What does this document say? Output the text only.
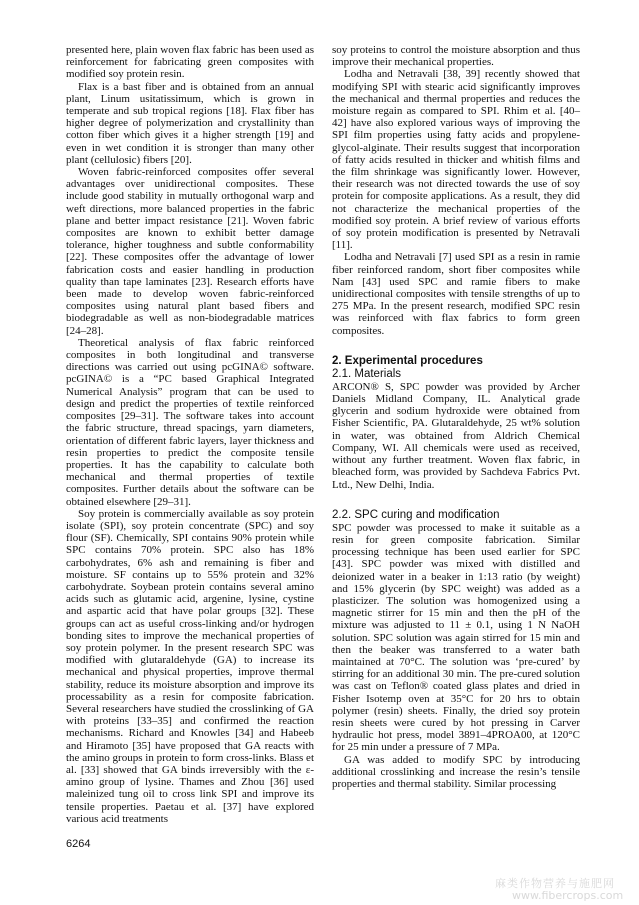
presented here, plain woven flax fabric has been used as reinforcement for fabricating green composites with modified soy protein resin.

Flax is a bast fiber and is obtained from an annual plant, Linum usitatissimum, which is grown in temperate and sub tropical regions [18]. Flax fiber has higher degree of polymerization and crystallinity than cotton fiber which gives it a higher strength [19] and even in wet condition it is stronger than many other plant (cellulosic) fibers [20].

Woven fabric-reinforced composites offer several advantages over unidirectional composites. These include good stability in mutually orthogonal warp and weft directions, more balanced properties in the fabric plane and better impact resistance [21]. Woven fabric composites are known to exhibit better damage tolerance, higher toughness and subtle conformability [22]. These composites offer the advantage of lower fabrication costs and easier handling in production quality than tape laminates [23]. Research efforts have been made to develop woven fabric-reinforced composites using natural plant based fibers and biodegradable as well as non-biodegradable matrices [24–28].

Theoretical analysis of flax fabric reinforced composites in both longitudinal and transverse directions was carried out using pcGINA© software. pcGINA© is a “PC based Graphical Integrated Numerical Analysis” program that can be used to design and predict the properties of textile reinforced composites [29–31]. The software takes into account the fabric structure, thread spacings, yarn diameters, orientation of different fabric layers, layer thickness and resin properties to predict the composite tensile properties. It has the capability to calculate both mechanical and thermal properties of textile composites. Further details about the software can be obtained elsewhere [29–31].

Soy protein is commercially available as soy protein isolate (SPI), soy protein concentrate (SPC) and soy flour (SF). Chemically, SPI contains 90% protein while SPC contains 70% protein. SPC also has 18% carbohydrates, 6% ash and remaining is fiber and moisture. SF contains up to 55% protein and 32% carbohydrate. Soybean protein contains several amino acids such as glutamic acid, argenine, lysine, cystine and aspartic acid that have polar groups [32]. These groups can act as useful cross-linking and/or hydrogen bonding sites to improve the mechanical properties of soy protein polymer. In the present research SPC was modified with glutaraldehyde (GA) to increase its mechanical and physical properties, improve thermal stability, reduce its moisture absorption and improve its processability as a resin for composite fabrication. Several researchers have studied the crosslinking of GA with proteins [33–35] and confirmed the reaction mechanisms. Richard and Knowles [34] and Habeeb and Hiramoto [35] have proposed that GA reacts with the amino groups in protein to form cross-links. Blass et al. [33] showed that GA binds irreversibly with the ε-amino group of lysine. Thames and Zhou [36] used maleinized tung oil to cross link SPI and improve its tensile properties. Paetau et al. [37] have explored various acid treatments

soy proteins to control the moisture absorption and thus improve their mechanical properties.

Lodha and Netravali [38, 39] recently showed that modifying SPI with stearic acid significantly improves the mechanical and thermal properties and reduces the moisture regain as compared to SPI. Rhim et al. [40–42] have also explored various ways of improving the SPI film properties using fatty acids and propylene-glycol-alginate. Their results suggest that incorporation of fatty acids resulted in thicker and whitish films and the film shrinkage was significantly lower. However, their research was not directed towards the use of soy protein for composite applications. As a result, they did not characterize the mechanical properties of the modified soy protein. A brief review of various efforts of soy protein modification is presented by Netravali [11].

Lodha and Netravali [7] used SPI as a resin in ramie fiber reinforced random, short fiber composites while Nam [43] used SPC and ramie fibers to make unidirectional composites with tensile strengths of up to 275 MPa. In the present research, modified SPC resin was reinforced with flax fabrics to form green composites.

2. Experimental procedures
2.1. Materials

ARCON® S, SPC powder was provided by Archer Daniels Midland Company, IL. Analytical grade glycerin and sodium hydroxide were obtained from Fisher Scientific, PA. Glutaraldehyde, 25 wt% solution in water, was obtained from Aldrich Chemical Company, WI. All chemicals were used as received, without any further treatment. Woven flax fabric, in bleached form, was provided by Sachdeva Fabrics Pvt. Ltd., New Delhi, India.

2.2. SPC curing and modification

SPC powder was processed to make it suitable as a resin for green composite fabrication. Similar processing technique has been used earlier for SPC [43]. SPC powder was mixed with distilled and deionized water in a beaker in 1:13 ratio (by weight) and 15% glycerin (by SPC weight) was added as a plasticizer. The solution was homogenized using a magnetic stirrer for 15 min and then the pH of the mixture was adjusted to 11 ± 0.1, using 1 N NaOH solution. SPC solution was again stirred for 15 min and then the beaker was transferred to a water bath maintained at 70°C. The solution was ‘pre-cured’ by stirring for an additional 30 min. The pre-cured solution was cast on Teflon® coated glass plates and dried in Fisher Isotemp oven at 35°C for 20 hrs to obtain polymer (resin) sheets. Finally, the dried soy protein resin sheets were cured by hot pressing in Carver hydraulic hot press, model 3891–4PROA00, at 120°C for 25 min under a pressure of 7 MPa.

GA was added to modify SPC by introducing additional crosslinking and increase the resin’s tensile properties and thermal stability. Similar processing

6264
麻类作物营养与施肥网
www.fibercrops.com
